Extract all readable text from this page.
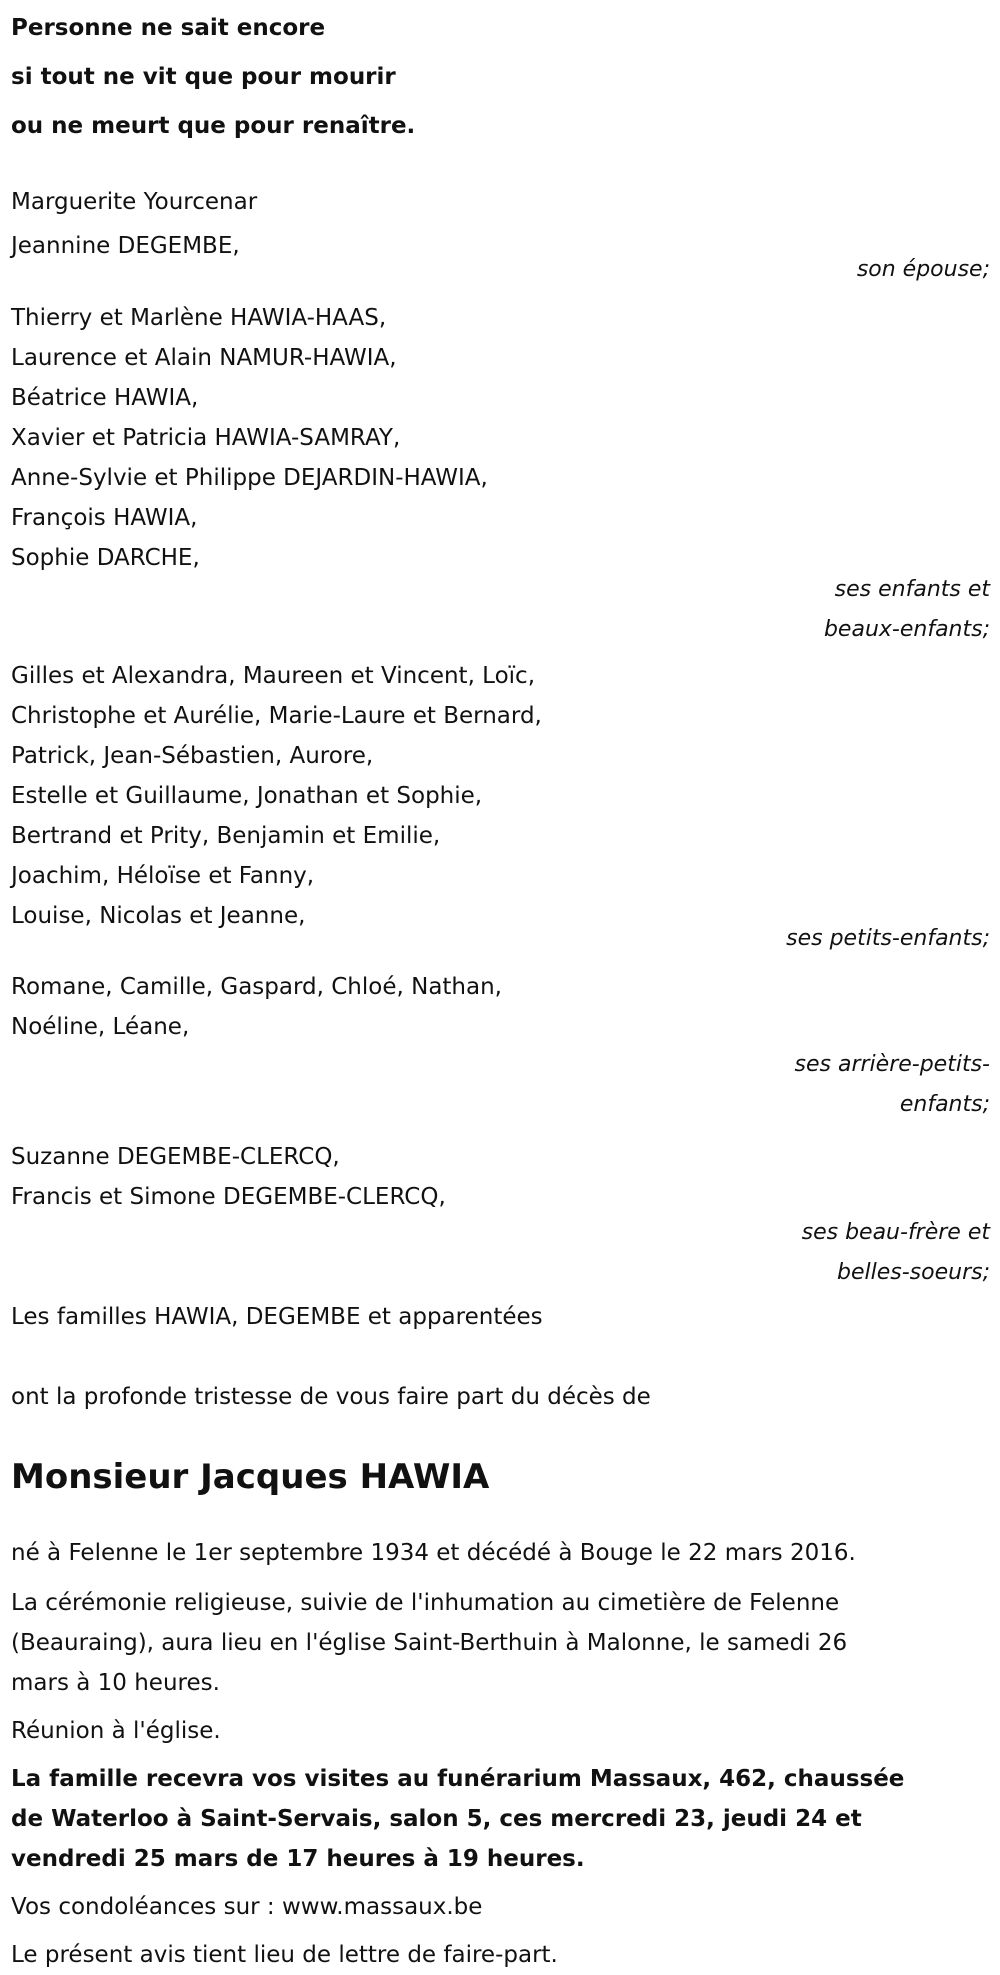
Personne ne sait encore
si tout ne vit que pour mourir
ou ne meurt que pour renaître.
Marguerite Yourcenar
Jeannine DEGEMBE,
son épouse;
Thierry et Marlène HAWIA-HAAS,
Laurence et Alain NAMUR-HAWIA,
Béatrice HAWIA,
Xavier et Patricia HAWIA-SAMRAY,
Anne-Sylvie et Philippe DEJARDIN-HAWIA,
François HAWIA,
Sophie DARCHE,
ses enfants et
beaux-enfants;
Gilles et Alexandra, Maureen et Vincent, Loïc,
Christophe et Aurélie, Marie-Laure et Bernard,
Patrick, Jean-Sébastien, Aurore,
Estelle et Guillaume, Jonathan et Sophie,
Bertrand et Prity, Benjamin et Emilie,
Joachim, Héloïse et Fanny,
Louise, Nicolas et Jeanne,
ses petits-enfants;
Romane, Camille, Gaspard, Chloé, Nathan,
Noéline, Léane,
ses arrière-petits-
enfants;
Suzanne DEGEMBE-CLERCQ,
Francis et Simone DEGEMBE-CLERCQ,
ses beau-frère et
belles-soeurs;
Les familles HAWIA, DEGEMBE et apparentées
ont la profonde tristesse de vous faire part du décès de
Monsieur Jacques HAWIA

né à Felenne le 1er septembre 1934 et décédé à Bouge le 22 mars 2016.

La cérémonie religieuse, suivie de l'inhumation au cimetière de Felenne
(Beauraing), aura lieu en l'église Saint-Berthuin à Malonne, le samedi 26
mars à 10 heures.

Réunion à l'église.

La famille recevra vos visites au funérarium Massaux, 462, chaussée
de Waterloo à Saint-Servais, salon 5, ces mercredi 23, jeudi 24 et
vendredi 25 mars de 17 heures à 19 heures.

Vos condoléances sur : www.massaux.be

Le présent avis tient lieu de lettre de faire-part.
